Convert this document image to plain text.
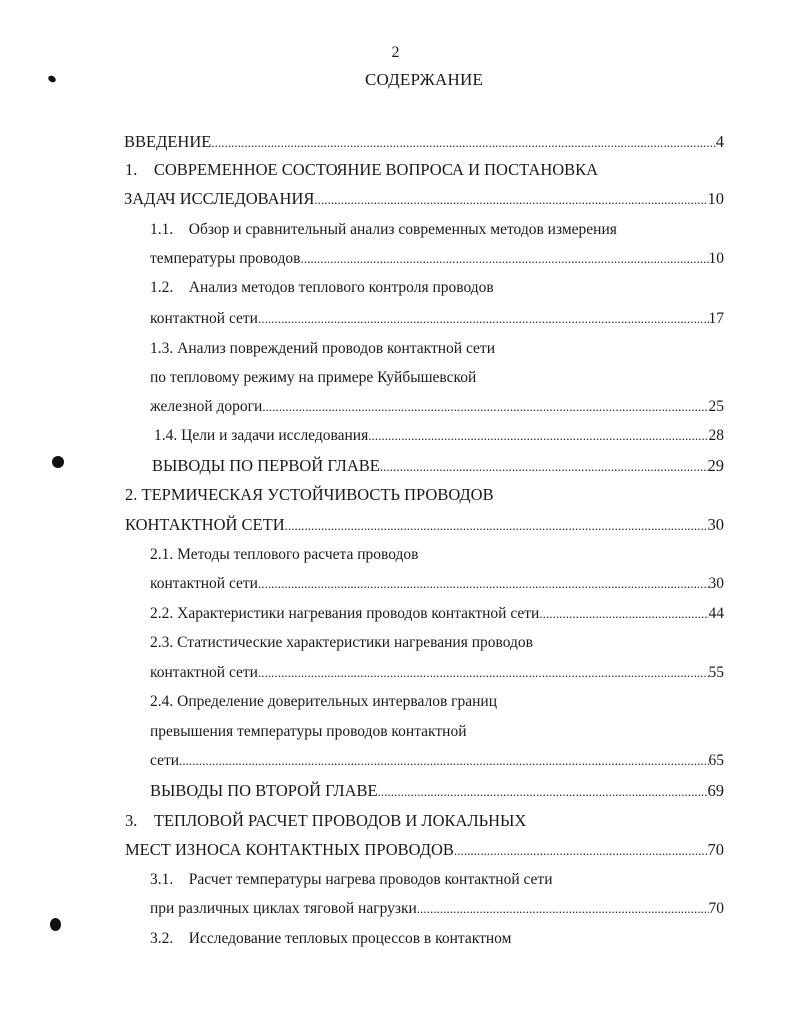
2
СОДЕРЖАНИЕ
ВВЕДЕНИЕ . . .	4
1.    СОВРЕМЕННОЕ СОСТОЯНИЕ ВОПРОСА И ПОСТАНОВКА
ЗАДАЧ ИССЛЕДОВАНИЯ . . .	10
1.1.    Обзор и сравнительный анализ современных методов измерения
температуры проводов . . .	10
1.2.    Анализ методов теплового контроля проводов
контактной сети . . .	17
1.3. Анализ повреждений проводов контактной сети
по тепловому режиму на примере Куйбышевской
железной дороги . . .	25
1.4. Цели и задачи исследования . . .	28
ВЫВОДЫ ПО ПЕРВОЙ ГЛАВЕ . . .	29
2. ТЕРМИЧЕСКАЯ УСТОЙЧИВОСТЬ ПРОВОДОВ
КОНТАКТНОЙ СЕТИ . . .	30
2.1. Методы теплового расчета проводов
контактной сети . . .	30
2.2. Характеристики нагревания проводов контактной сети . . .	44
2.3. Статистические характеристики нагревания проводов
контактной сети . . .	55
2.4. Определение доверительных интервалов границ
превышения температуры проводов контактной
сети . . .	65
ВЫВОДЫ ПО ВТОРОЙ ГЛАВЕ . . .	69
3.    ТЕПЛОВОЙ РАСЧЕТ ПРОВОДОВ И ЛОКАЛЬНЫХ
МЕСТ ИЗНОСА КОНТАКТНЫХ ПРОВОДОВ . . .	70
3.1.    Расчет температуры нагрева проводов контактной сети
при различных циклах тяговой нагрузки . . .	70
3.2.    Исследование тепловых процессов в контактном
